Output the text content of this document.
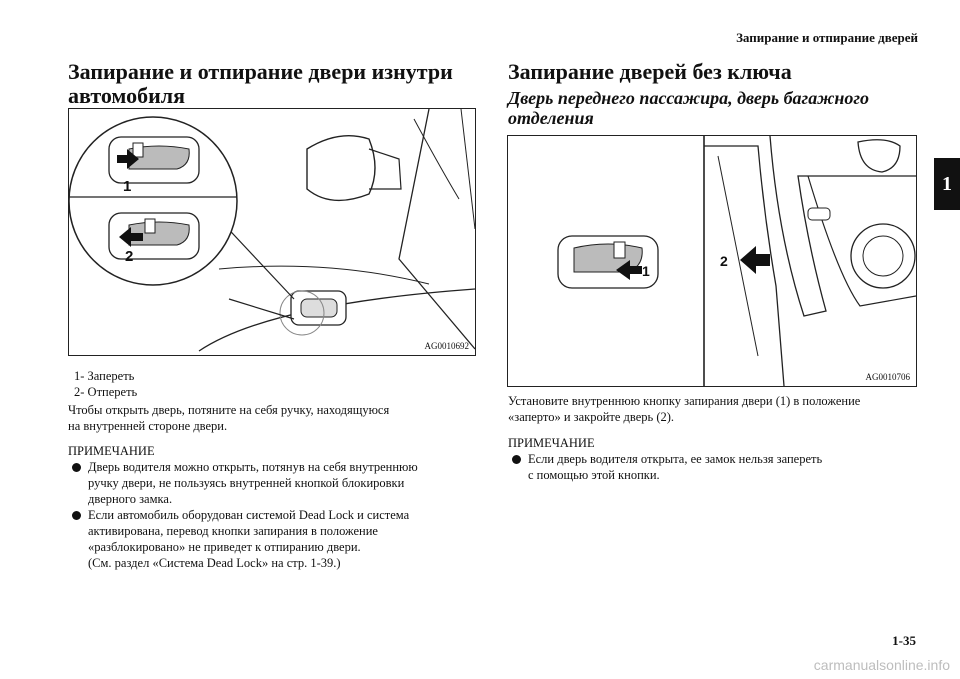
Запирание и отпирание дверей
1
Запирание и отпирание двери изнутри
автомобиля
1
2
AG0010692
1- Запереть
2- Отпереть
Чтобы открыть дверь, потяните на себя ручку, находящуюся
на внутренней стороне двери.
ПРИМЕЧАНИЕ
Дверь водителя можно открыть, потянув на себя внутреннюю
ручку двери, не пользуясь внутренней кнопкой блокировки
дверного замка.
Если автомобиль оборудован системой Dead Lock и система
активирована, перевод кнопки запирания в положение
«разблокировано» не приведет к отпиранию двери.
(См. раздел «Система Dead Lock» на стр. 1-39.)
Запирание дверей без ключа
Дверь переднего пассажира, дверь багажного
отделения
1
2
AG0010706
Установите внутреннюю кнопку запирания двери (1) в положение
«заперто» и закройте дверь (2).
ПРИМЕЧАНИЕ
Если дверь водителя открыта, ее замок нельзя запереть
с помощью этой кнопки.
1-35
carmanualsonline.info
